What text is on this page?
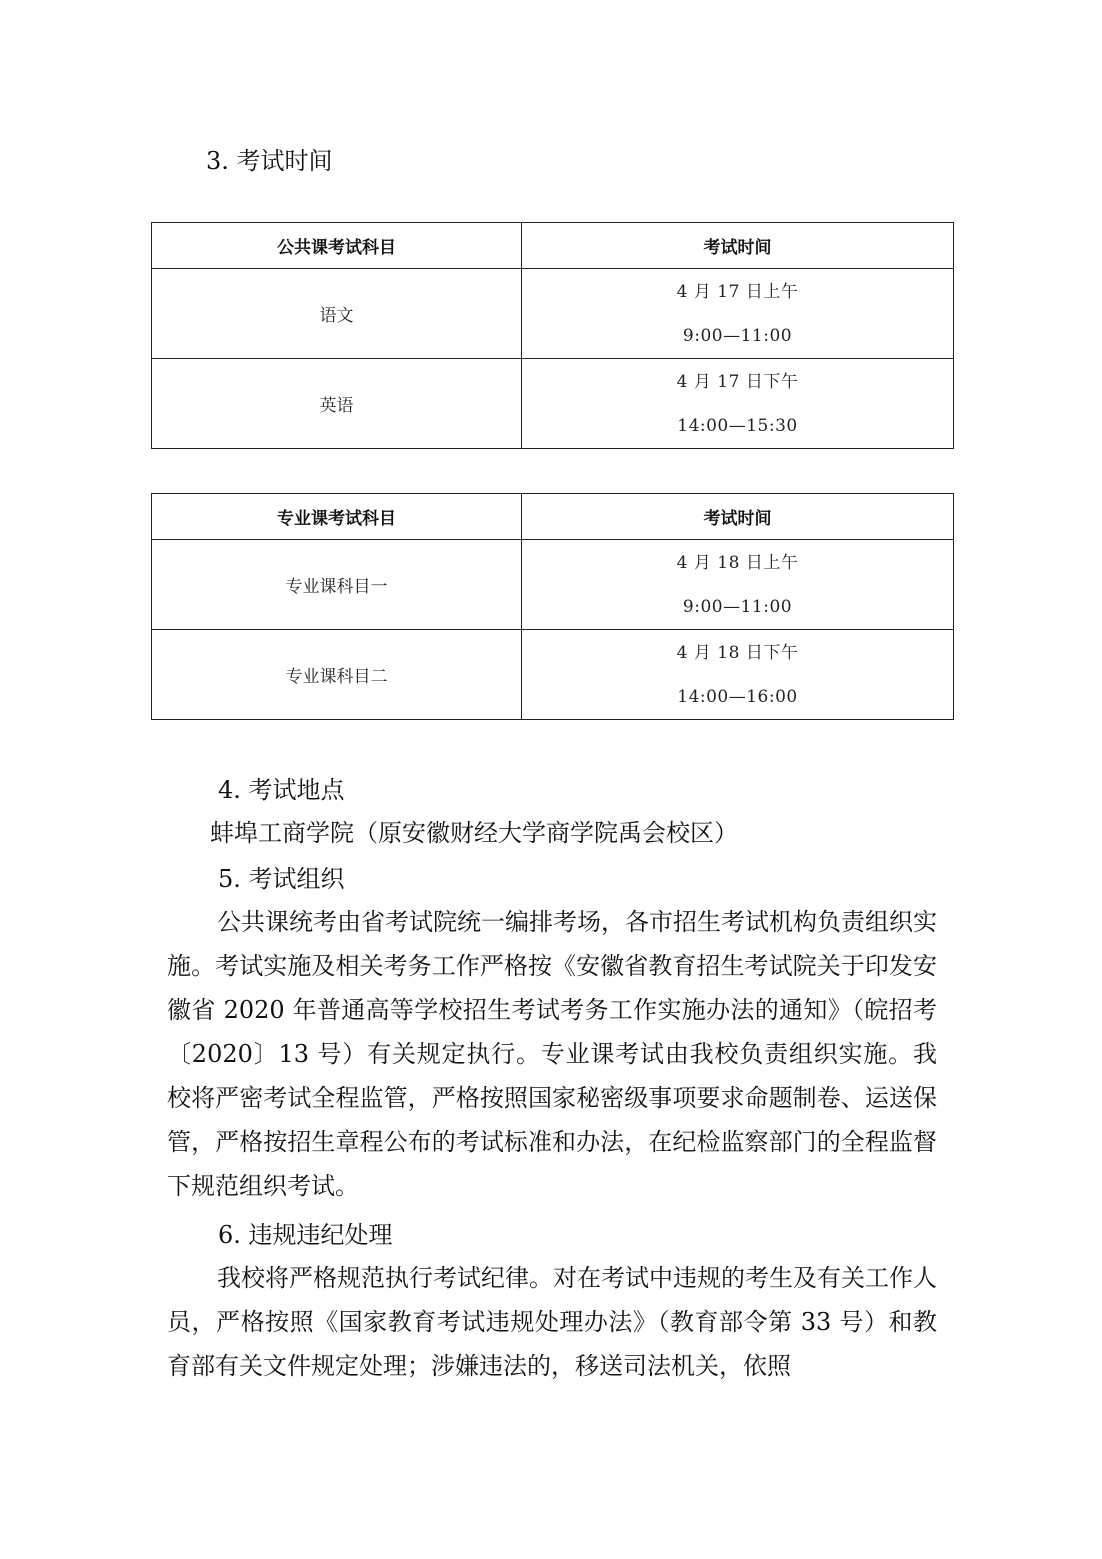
3. 考试时间
公共课考试科目	考试时间
语文	4 月 17 日上午
9:00—11:00

英语	4 月 17 日下午
14:00—15:30
专业课考试科目	考试时间
专业课科目一	4 月 18 日上午
9:00—11:00

专业课科目二	4 月 18 日下午
14:00—16:00
4. 考试地点
蚌埠工商学院（原安徽财经大学商学院禹会校区）
5. 考试组织
公共课统考由省考试院统一编排考场，各市招生考试机构负责组织实施。考试实施及相关考务工作严格按《安徽省教育招生考试院关于印发安徽省 2020 年普通高等学校招生考试考务工作实施办法的通知》（皖招考〔2020〕13 号）有关规定执行。专业课考试由我校负责组织实施。我校将严密考试全程监管，严格按照国家秘密级事项要求命题制卷、运送保管，严格按招生章程公布的考试标准和办法，在纪检监察部门的全程监督下规范组织考试。
6. 违规违纪处理
我校将严格规范执行考试纪律。对在考试中违规的考生及有关工作人员，严格按照《国家教育考试违规处理办法》（教育部令第 33 号）和教育部有关文件规定处理；涉嫌违法的，移送司法机关，依照
